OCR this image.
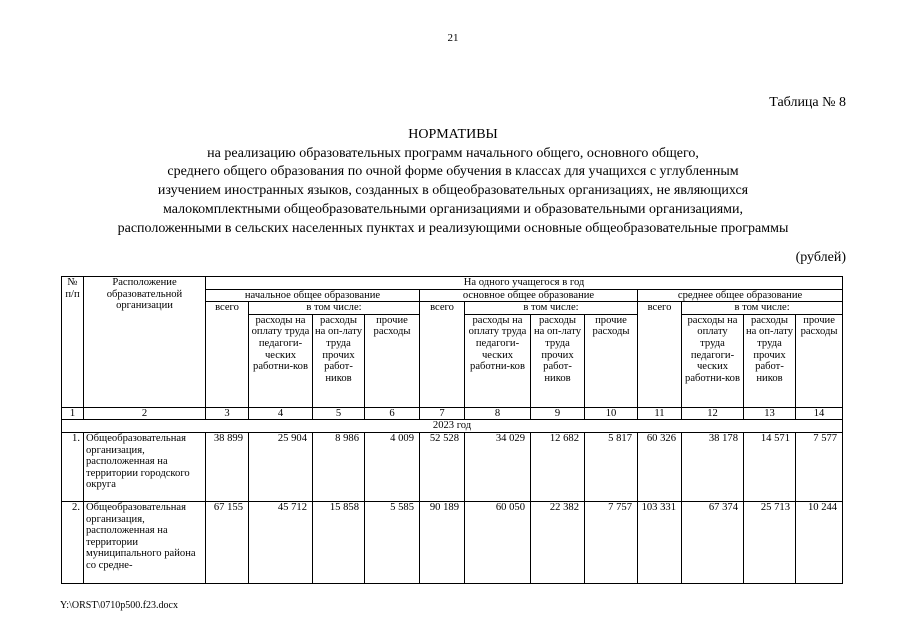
21
Таблица № 8
НОРМАТИВЫ
на реализацию образовательных программ начального общего, основного общего,
среднего общего образования по очной форме обучения в классах для учащихся с углубленным
изучением иностранных языков, созданных в общеобразовательных организациях, не являющихся
малокомплектными общеобразовательными организациями и образовательными организациями,
расположенными в сельских населенных пунктах и реализующими основные общеобразовательные программы
(рублей)
№ п/п	Расположение образовательной организации	На одного учащегося в год											
		начальное общее образование				основное общее образование				среднее общее образование			
		всего	в том числе:			всего	в том числе:			всего	в том числе:		
			расходы на оплату труда педагоги-ческих работни-ков	расходы на оп-лату труда прочих работ-ников	прочие расходы		расходы на оплату труда педагоги-ческих работни-ков	расходы на оп-лату труда прочих работ-ников	прочие расходы		расходы на оплату труда педагоги-ческих работни-ков	расходы на оп-лату труда прочих работ-ников	прочие расходы
1	2	3	4	5	6	7	8	9	10	11	12	13	14
2023 год													
1.	Общеобразовательная организация, расположенная на территории городского округа	38 899	25 904	8 986	4 009	52 528	34 029	12 682	5 817	60 326	38 178	14 571	7 577
2.	Общеобразовательная организация, расположенная на территории муниципального района со средне-	67 155	45 712	15 858	5 585	90 189	60 050	22 382	7 757	103 331	67 374	25 713	10 244
Y:\ORST\0710p500.f23.docx
